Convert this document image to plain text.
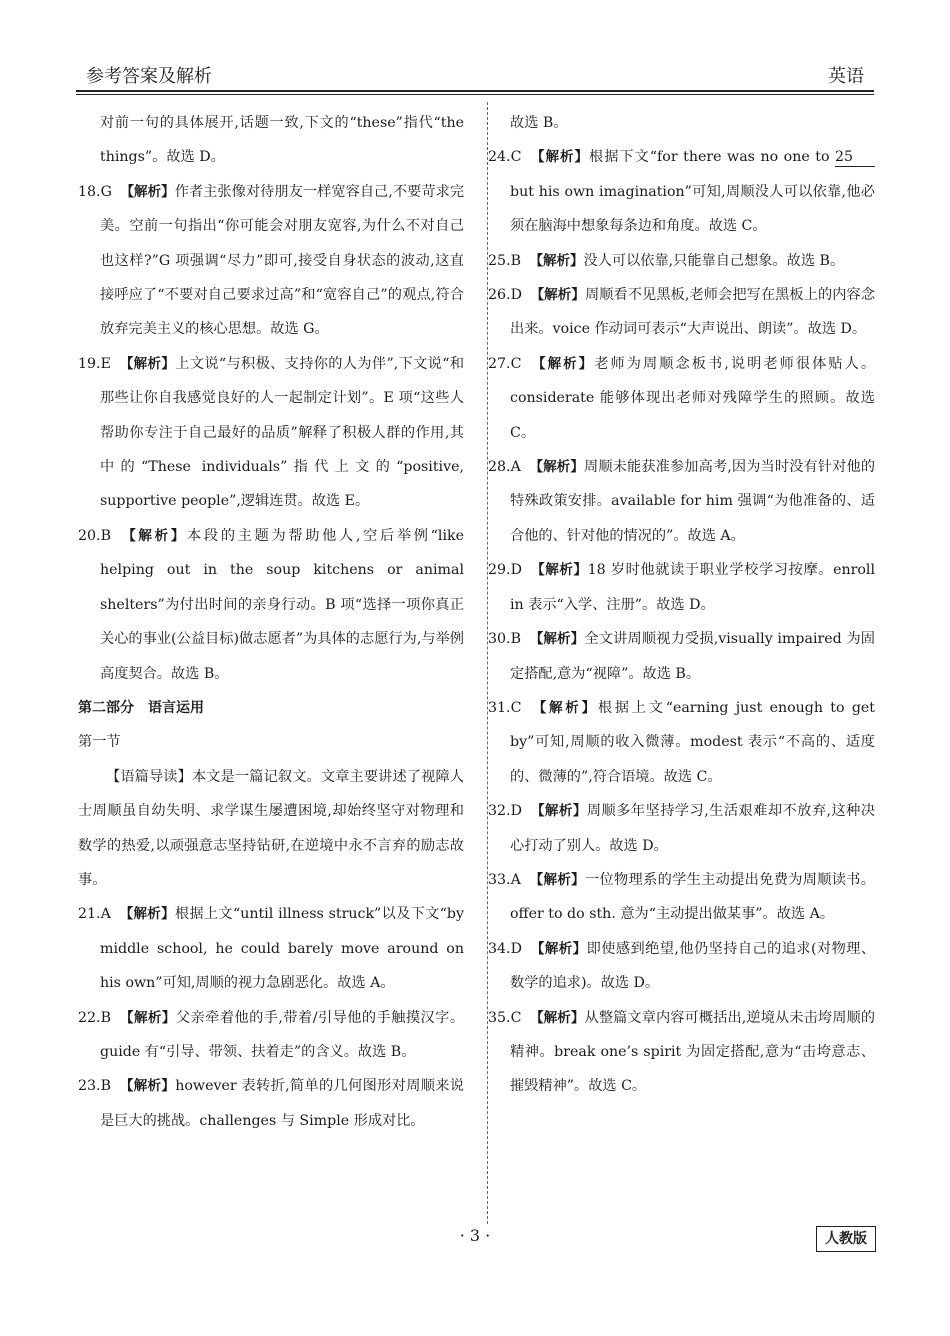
参考答案及解析	英语
对前一句的具体展开,话题一致,下文的“these”指代“the things”。故选 D。
18.G 【解析】作者主张像对待朋友一样宽容自己,不要苛求完美。空前一句指出“你可能会对朋友宽容,为什么不对自己也这样?”G 项强调“尽力”即可,接受自身状态的波动,这直接呼应了“不要对自己要求过高”和“宽容自己”的观点,符合放弃完美主义的核心思想。故选 G。
19.E 【解析】上文说“与积极、支持你的人为伴”,下文说“和那些让你自我感觉良好的人一起制定计划”。E 项“这些人帮助你专注于自己最好的品质”解释了积极人群的作用,其中的“These individuals”指代上文的“positive, supportive people”,逻辑连贯。故选 E。
20.B 【解析】本段的主题为帮助他人,空后举例“like helping out in the soup kitchens or animal shelters”为付出时间的亲身行动。B 项“选择一项你真正关心的事业(公益目标)做志愿者”为具体的志愿行为,与举例高度契合。故选 B。
第二部分　语言运用
第一节
【语篇导读】本文是一篇记叙文。文章主要讲述了视障人士周顺虽自幼失明、求学谋生屡遭困境,却始终坚守对物理和数学的热爱,以顽强意志坚持钻研,在逆境中永不言弃的励志故事。
21.A 【解析】根据上文“until illness struck”以及下文“by middle school, he could barely move around on his own”可知,周顺的视力急剧恶化。故选 A。
22.B 【解析】父亲牵着他的手,带着/引导他的手触摸汉字。guide 有“引导、带领、扶着走”的含义。故选 B。
23.B 【解析】however 表转折,简单的几何图形对周顺来说是巨大的挑战。challenges 与 Simple 形成对比。
故选 B。
24.C 【解析】根据下文“for there was no one to 25 but his own imagination”可知,周顺没人可以依靠,他必须在脑海中想象每条边和角度。故选 C。
25.B 【解析】没人可以依靠,只能靠自己想象。故选 B。
26.D 【解析】周顺看不见黑板,老师会把写在黑板上的内容念出来。voice 作动词可表示“大声说出、朗读”。故选 D。
27.C 【解析】老师为周顺念板书,说明老师很体贴人。considerate 能够体现出老师对残障学生的照顾。故选 C。
28.A 【解析】周顺未能获准参加高考,因为当时没有针对他的特殊政策安排。available for him 强调“为他准备的、适合他的、针对他的情况的”。故选 A。
29.D 【解析】18 岁时他就读于职业学校学习按摩。enroll in 表示“入学、注册”。故选 D。
30.B 【解析】全文讲周顺视力受损,visually impaired 为固定搭配,意为“视障”。故选 B。
31.C 【解析】根据上文“earning just enough to get by”可知,周顺的收入微薄。modest 表示“不高的、适度的、微薄的”,符合语境。故选 C。
32.D 【解析】周顺多年坚持学习,生活艰难却不放弃,这种决心打动了别人。故选 D。
33.A 【解析】一位物理系的学生主动提出免费为周顺读书。offer to do sth. 意为“主动提出做某事”。故选 A。
34.D 【解析】即使感到绝望,他仍坚持自己的追求(对物理、数学的追求)。故选 D。
35.C 【解析】从整篇文章内容可概括出,逆境从未击垮周顺的精神。break one’s spirit 为固定搭配,意为“击垮意志、摧毁精神”。故选 C。
· 3 ·	人教版
